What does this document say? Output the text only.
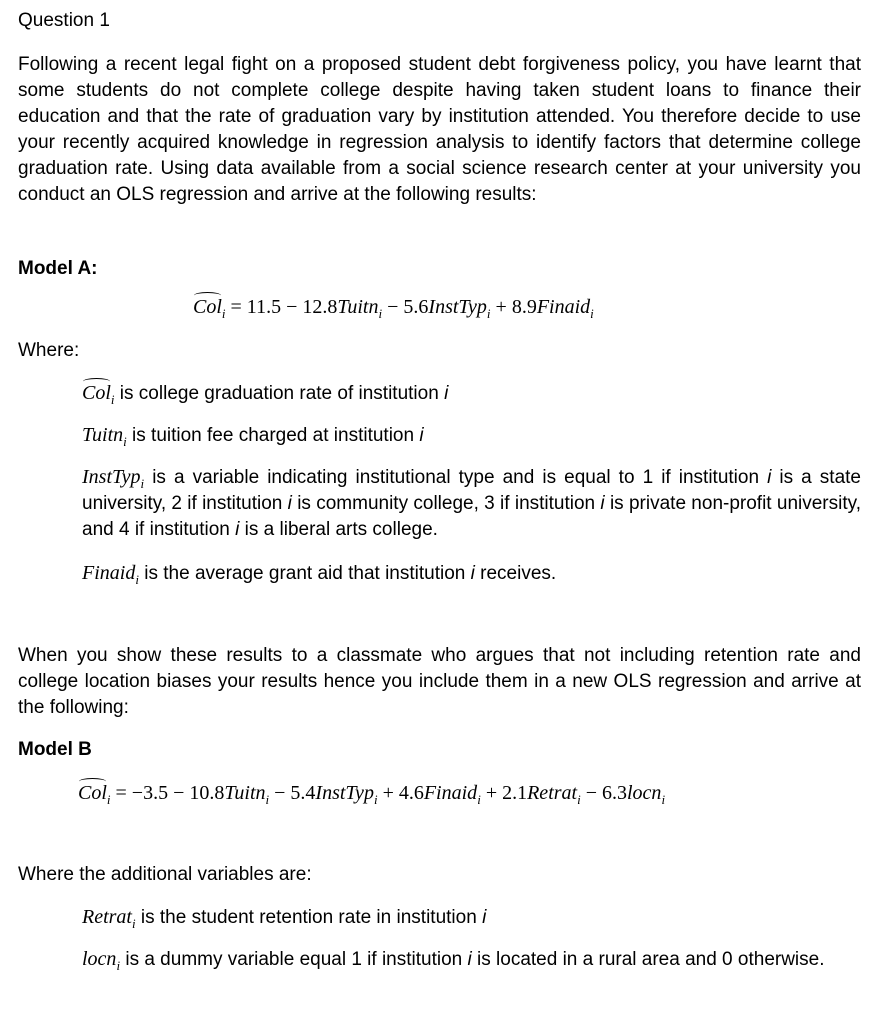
Question 1
Following a recent legal fight on a proposed student debt forgiveness policy, you have learnt that some students do not complete college despite having taken student loans to finance their education and that the rate of graduation vary by institution attended. You therefore decide to use your recently acquired knowledge in regression analysis to identify factors that determine college graduation rate. Using data available from a social science research center at your university you conduct an OLS regression and arrive at the following results:
Model A:
Col$_i$ = 11.5 − 12.8Tuitn$_i$ − 5.6InstTyp$_i$ + 8.9Finaid$_i$
Where:
Col$_i$ is college graduation rate of institution i
Tuitn$_i$ is tuition fee charged at institution i
InstTyp$_i$ is a variable indicating institutional type and is equal to 1 if institution i is a state university, 2 if institution i is community college, 3 if institution i is private non-profit university, and 4 if institution i is a liberal arts college.
Finaid$_i$ is the average grant aid that institution i receives.
When you show these results to a classmate who argues that not including retention rate and college location biases your results hence you include them in a new OLS regression and arrive at the following:
Model B
Col$_i$ = −3.5 − 10.8Tuitn$_i$ − 5.4InstTyp$_i$ + 4.6Finaid$_i$ + 2.1Retrat$_i$ − 6.3locn$_i$
Where the additional variables are:
Retrat$_i$ is the student retention rate in institution i
locn$_i$ is a dummy variable equal 1 if institution i is located in a rural area and 0 otherwise.
